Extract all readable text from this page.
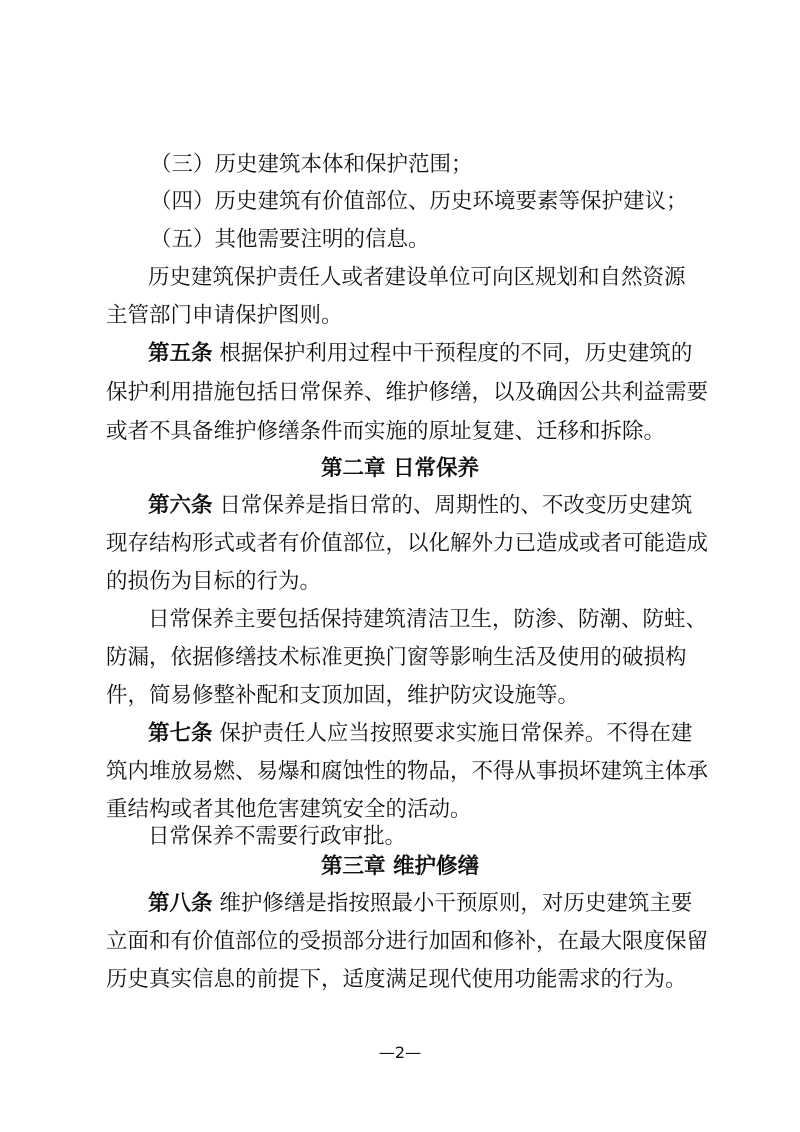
（三）历史建筑本体和保护范围；
（四）历史建筑有价值部位、历史环境要素等保护建议；
（五）其他需要注明的信息。
历史建筑保护责任人或者建设单位可向区规划和自然资源
主管部门申请保护图则。
第五条 根据保护利用过程中干预程度的不同，历史建筑的
保护利用措施包括日常保养、维护修缮，以及确因公共利益需要
或者不具备维护修缮条件而实施的原址复建、迁移和拆除。
第二章 日常保养
第六条 日常保养是指日常的、周期性的、不改变历史建筑
现存结构形式或者有价值部位，以化解外力已造成或者可能造成
的损伤为目标的行为。
日常保养主要包括保持建筑清洁卫生，防渗、防潮、防蛀、
防漏，依据修缮技术标准更换门窗等影响生活及使用的破损构
件，简易修整补配和支顶加固，维护防灾设施等。
第七条 保护责任人应当按照要求实施日常保养。不得在建
筑内堆放易燃、易爆和腐蚀性的物品，不得从事损坏建筑主体承
重结构或者其他危害建筑安全的活动。
日常保养不需要行政审批。
第三章 维护修缮
第八条 维护修缮是指按照最小干预原则，对历史建筑主要
立面和有价值部位的受损部分进行加固和修补，在最大限度保留
历史真实信息的前提下，适度满足现代使用功能需求的行为。
—2—
